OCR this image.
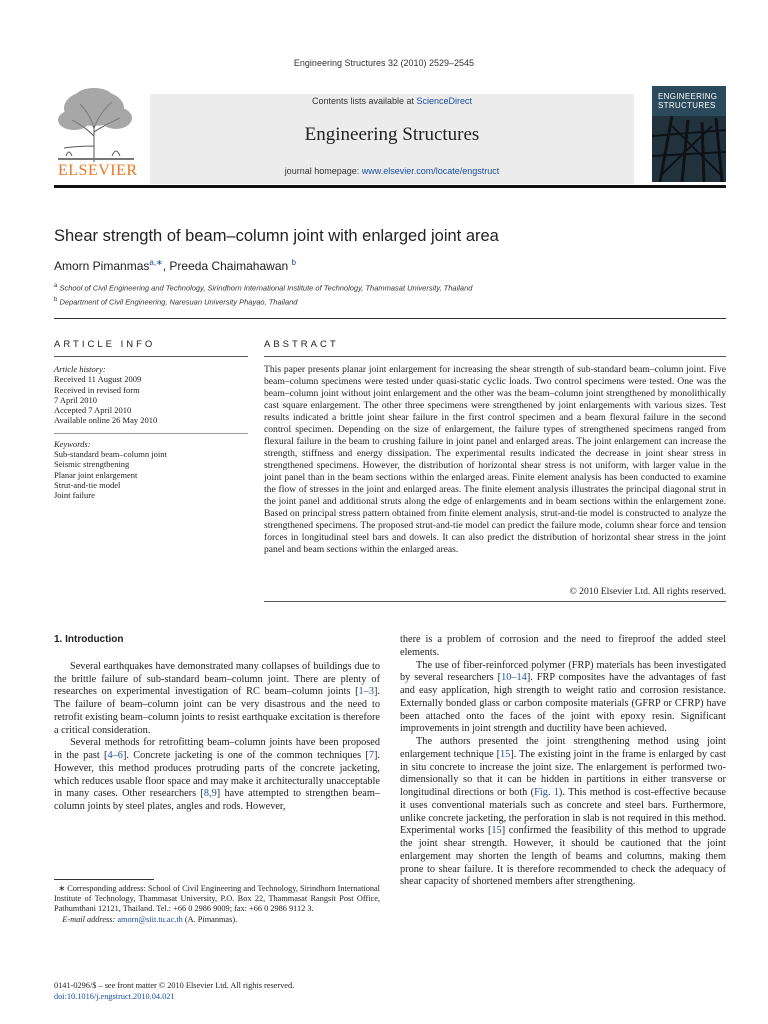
Engineering Structures 32 (2010) 2529–2545
ELSEVIER
Contents lists available at ScienceDirect
Engineering Structures
journal homepage: www.elsevier.com/locate/engstruct
ENGINEERING
STRUCTURES
Shear strength of beam–column joint with enlarged joint area
Amorn Pimanmas$^{a,∗}$, Preeda Chaimahawan $^b$
$^a$ School of Civil Engineering and Technology, Sirindhorn International Institute of Technology, Thammasat University, Thailand
$^b$ Department of Civil Engineering, Naresuan University Phayao, Thailand
ARTICLE INFO	ABSTRACT
Article history:
Received 11 August 2009
Received in revised form
7 April 2010
Accepted 7 April 2010
Available online 26 May 2010
Keywords:
Sub-standard beam–column joint
Seismic strengthening
Planar joint enlargement
Strut-and-tie model
Joint failure
This paper presents planar joint enlargement for increasing the shear strength of sub-standard beam–column joint. Five beam–column specimens were tested under quasi-static cyclic loads. Two control specimens were tested. One was the beam–column joint without joint enlargement and the other was the beam–column joint strengthened by monolithically cast square enlargement. The other three specimens were strengthened by joint enlargements with various sizes. Test results indicated a brittle joint shear failure in the first control specimen and a beam flexural failure in the second control specimen. Depending on the size of enlargement, the failure types of strengthened specimens ranged from flexural failure in the beam to crushing failure in joint panel and enlarged areas. The joint enlargement can increase the strength, stiffness and energy dissipation. The experimental results indicated the decrease in joint shear stress in strengthened specimens. However, the distribution of horizontal shear stress is not uniform, with larger value in the joint panel than in the beam sections within the enlarged areas. Finite element analysis has been conducted to examine the flow of stresses in the joint and enlarged areas. The finite element analysis illustrates the principal diagonal strut in the joint panel and additional struts along the edge of enlargements and in beam sections within the enlargement zone. Based on principal stress pattern obtained from finite element analysis, strut-and-tie model is constructed to analyze the strengthened specimens. The proposed strut-and-tie model can predict the failure mode, column shear force and tension forces in longitudinal steel bars and dowels. It can also predict the distribution of horizontal shear stress in the joint panel and beam sections within the enlarged areas.
© 2010 Elsevier Ltd. All rights reserved.
1. Introduction

Several earthquakes have demonstrated many collapses of buildings due to the brittle failure of sub-standard beam–column joint. There are plenty of researches on experimental investigation of RC beam–column joints [1–3]. The failure of beam–column joint can be very disastrous and the need to retrofit existing beam–column joints to resist earthquake excitation is therefore a critical consideration.

Several methods for retrofitting beam–column joints have been proposed in the past [4–6]. Concrete jacketing is one of the common techniques [7]. However, this method produces protruding parts of the concrete jacketing, which reduces usable floor space and may make it architecturally unacceptable in many cases. Other researchers [8,9] have attempted to strengthen beam–column joints by steel plates, angles and rods. However,

there is a problem of corrosion and the need to fireproof the added steel elements.

The use of fiber-reinforced polymer (FRP) materials has been investigated by several researchers [10–14]. FRP composites have the advantages of fast and easy application, high strength to weight ratio and corrosion resistance. Externally bonded glass or carbon composite materials (GFRP or CFRP) have been attached onto the faces of the joint with epoxy resin. Significant improvements in joint strength and ductility have been achieved.

The authors presented the joint strengthening method using joint enlargement technique [15]. The existing joint in the frame is enlarged by cast in situ concrete to increase the joint size. The enlargement is performed two-dimensionally so that it can be hidden in partitions in either transverse or longitudinal directions or both (Fig. 1). This method is cost-effective because it uses conventional materials such as concrete and steel bars. Furthermore, unlike concrete jacketing, the perforation in slab is not required in this method. Experimental works [15] confirmed the feasibility of this method to upgrade the joint shear strength. However, it should be cautioned that the joint enlargement may shorten the length of beams and columns, making them prone to shear failure. It is therefore recommended to check the adequacy of shear capacity of shortened members after strengthening.

∗ Corresponding address: School of Civil Engineering and Technology, Sirindhorn International Institute of Technology, Thammasat University, P.O. Box 22, Thammasat Rangsit Post Office, Pathumthani 12121, Thailand. Tel.: +66 0 2986 9009; fax: +66 0 2986 9112 3.
E-mail address: amorn@siit.tu.ac.th (A. Pimanmas).
0141-0296/$ – see front matter © 2010 Elsevier Ltd. All rights reserved.
doi:10.1016/j.engstruct.2010.04.021
